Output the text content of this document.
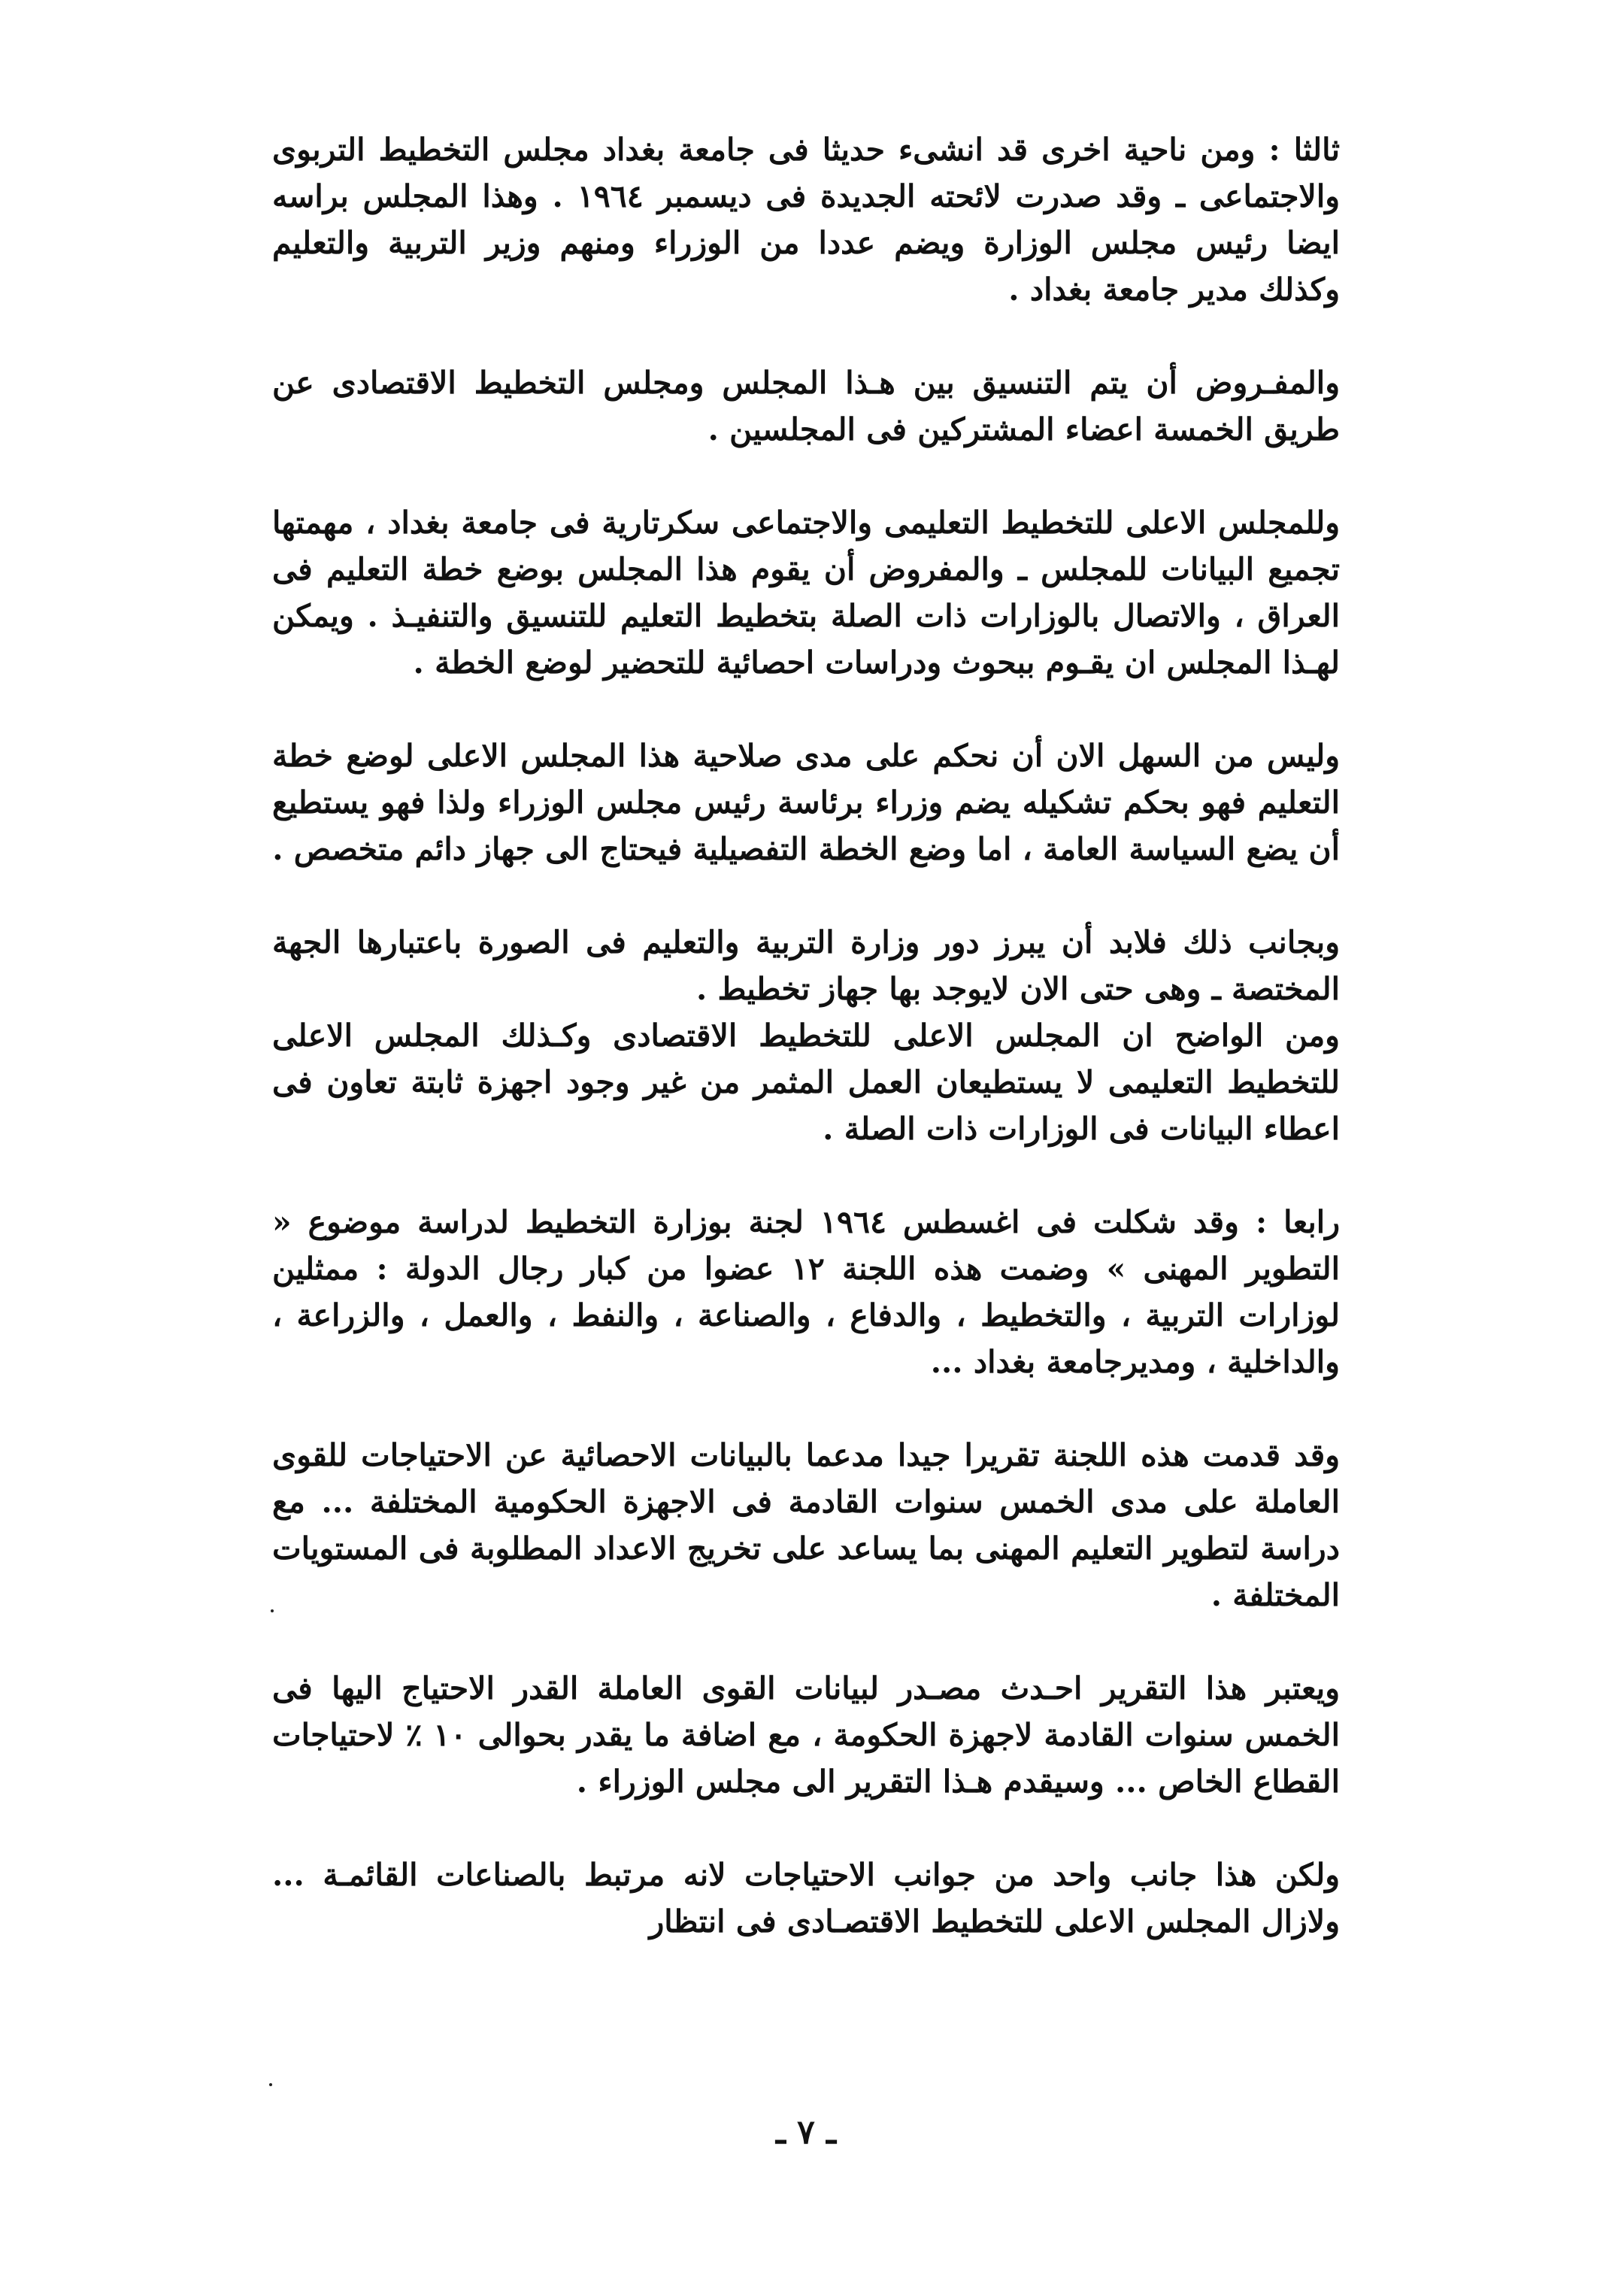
ثالثا : ومن ناحية اخرى قد انشىء حديثا فى جامعة بغداد مجلس التخطيط التربوى والاجتماعى ـ وقد صدرت لائحته الجديدة فى ديسمبر ١٩٦٤ . وهذا المجلس براسه ايضا رئيس مجلس الوزارة ويضم عددا من الوزراء ومنهم وزير التربية والتعليم وكذلك مدير جامعة بغداد .

والمفـروض أن يتم التنسيق بين هـذا المجلس ومجلس التخطيط الاقتصادى عن طريق الخمسة اعضاء المشتركين فى المجلسين .

وللمجلس الاعلى للتخطيط التعليمى والاجتماعى سكرتارية فى جامعة بغداد ، مهمتها تجميع البيانات للمجلس ـ والمفروض أن يقوم هذا المجلس بوضع خطة التعليم فى العراق ، والاتصال بالوزارات ذات الصلة بتخطيط التعليم للتنسيق والتنفيـذ . ويمكن لهـذا المجلس ان يقـوم ببحوث ودراسات احصائية للتحضير لوضع الخطة .

وليس من السهل الان أن نحكم على مدى صلاحية هذا المجلس الاعلى لوضع خطة التعليم فهو بحكم تشكيله يضم وزراء برئاسة رئيس مجلس الوزراء ولذا فهو يستطيع أن يضع السياسة العامة ، اما وضع الخطة التفصيلية فيحتاج الى جهاز دائم متخصص .

وبجانب ذلك فلابد أن يبرز دور وزارة التربية والتعليم فى الصورة باعتبارها الجهة المختصة ـ وهى حتى الان لايوجد بها جهاز تخطيط .

ومن الواضح ان المجلس الاعلى للتخطيط الاقتصادى وكـذلك المجلس الاعلى للتخطيط التعليمى لا يستطيعان العمل المثمر من غير وجود اجهزة ثابتة تعاون فى اعطاء البيانات فى الوزارات ذات الصلة .

رابعا : وقد شكلت فى اغسطس ١٩٦٤ لجنة بوزارة التخطيط لدراسة موضوع « التطوير المهنى » وضمت هذه اللجنة ١٢ عضوا من كبار رجال الدولة : ممثلين لوزارات التربية ، والتخطيط ، والدفاع ، والصناعة ، والنفط ، والعمل ، والزراعة ، والداخلية ، ومديرجامعة بغداد ...

وقد قدمت هذه اللجنة تقريرا جيدا مدعما بالبيانات الاحصائية عن الاحتياجات للقوى العاملة على مدى الخمس سنوات القادمة فى الاجهزة الحكومية المختلفة ... مع دراسة لتطوير التعليم المهنى بما يساعد على تخريج الاعداد المطلوبة فى المستويات المختلفة .

ويعتبر هذا التقرير احـدث مصـدر لبيانات القوى العاملة القدر الاحتياج اليها فى الخمس سنوات القادمة لاجهزة الحكومة ، مع اضافة ما يقدر بحوالى ١٠ ٪ لاحتياجات القطاع الخاص ... وسيقدم هـذا التقرير الى مجلس الوزراء .

ولكن هذا جانب واحد من جوانب الاحتياجات لانه مرتبط بالصناعات القائمـة ... ولازال المجلس الاعلى للتخطيط الاقتصـادى فى انتظار

ـ ٧ ـ
